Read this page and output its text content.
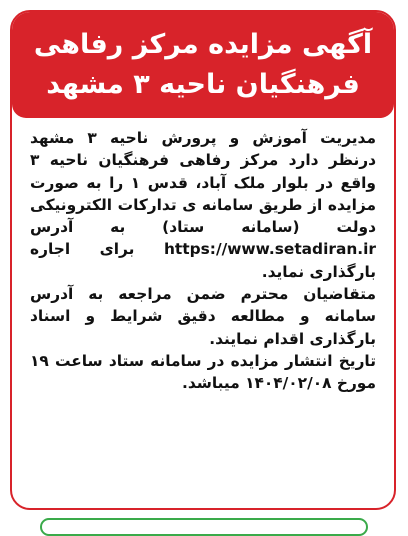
آگهی مزایده مرکز رفاهی
فرهنگیان ناحیه ۳ مشهد

مدیریت آموزش و پرورش ناحیه ۳ مشهد درنظر دارد مرکز رفاهی فرهنگیان ناحیه ۳ واقع در بلوار ملک آباد، قدس ۱ را به صورت مزایده از طریق سامانه ی تدارکات الکترونیکی دولت (سامانه ستاد) به آدرس https://www.setadiran.ir برای اجاره بارگذاری نماید.

متقاضیان محترم ضمن مراجعه به آدرس سامانه و مطالعه دقیق شرایط و اسناد بارگذاری اقدام نمایند.

تاریخ انتشار مزایده در سامانه ستاد ساعت ۱۹ مورخ ۱۴۰۴/۰۲/۰۸ میباشد.
